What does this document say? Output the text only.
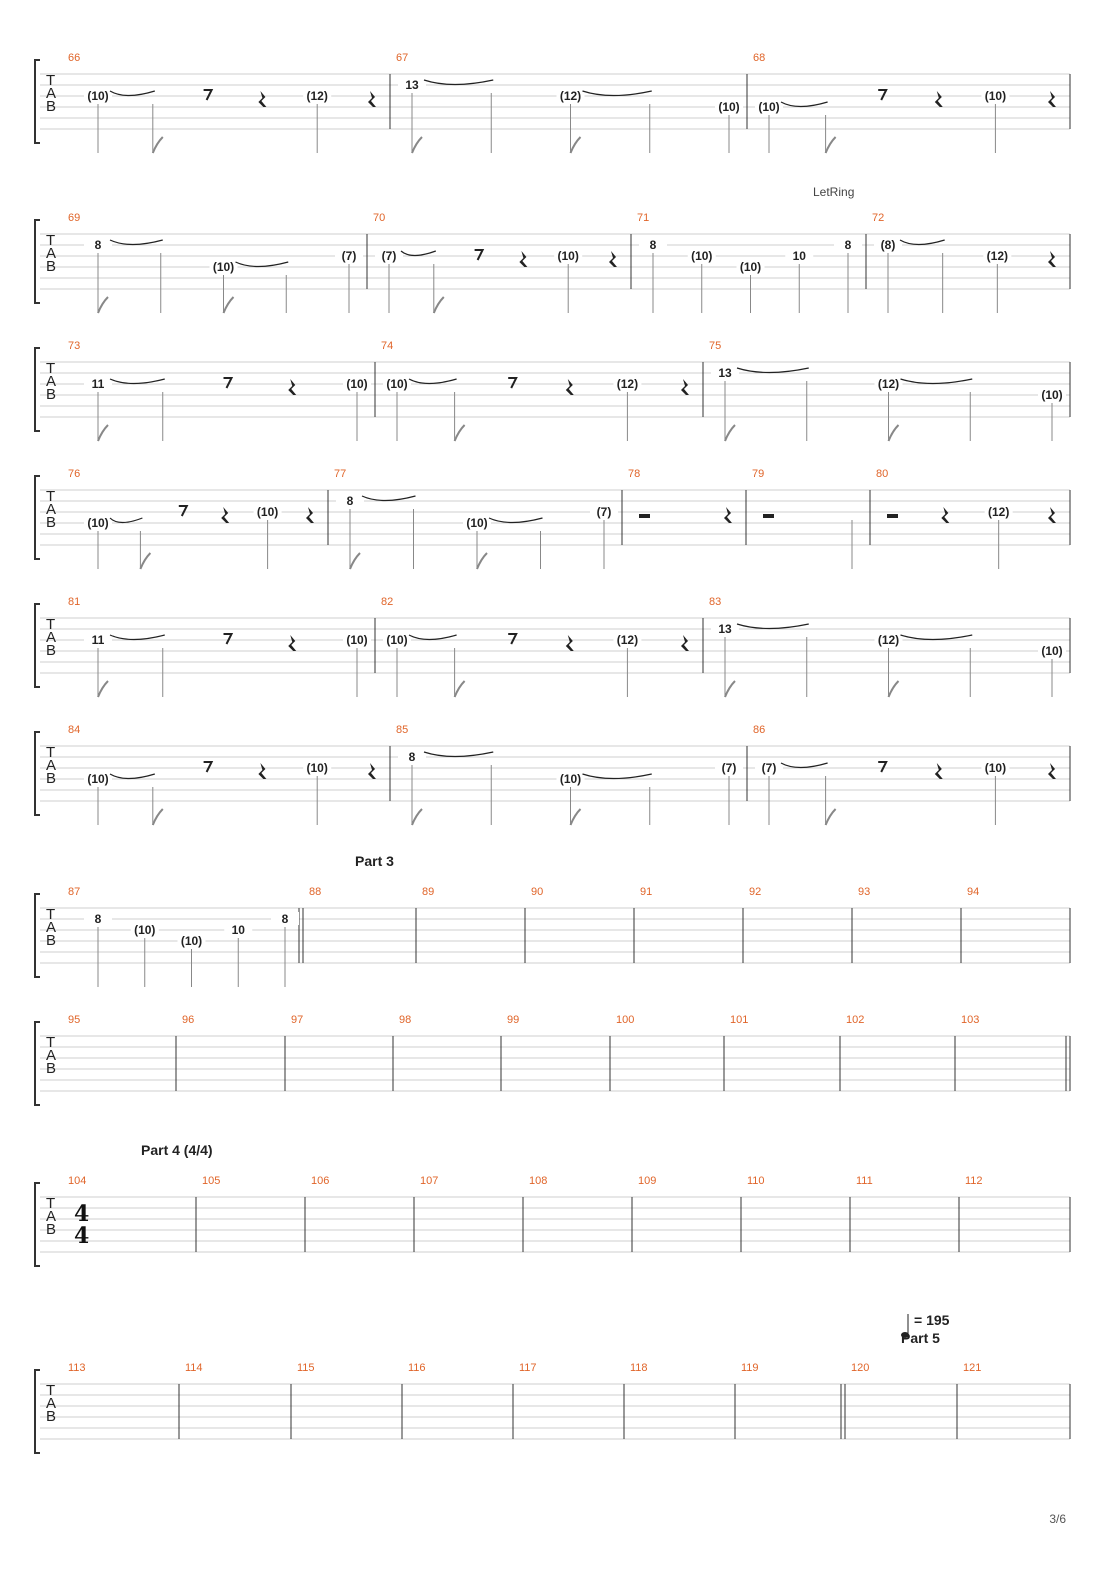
T
A
B
66
(10)	(12)
67
13
(12)
(10)
68
(10)
(10)
T
A
B
LetRing
69
8
(10)
(7)
70
(7)	(10)
71
8
(10)
(10)
10
8
72
(8)
(12)
T
A
B
73
11	(10)
74
(10)	(12)
75
13
(12)
(10)
T
A
B
76
(10)
(10)
77
8
(10)
(7)
78	79	80
(12)
T
A
B
81
11	(10)
82
(10)	(12)
83
13
(12)
(10)
T
A
B
84
(10)
(10)
85
8
(10)
(7)
86
(7)	(10)
T
A
B
Part 3
87
8
(10)
(10)
10
8
88	89	90	91	92	93	94
T
A
B
95	96	97	98	99	100	101	102	103
T
A
B
4
4
Part 4 (4/4)
104	105	106	107	108	109	110	111	112
T
A
B
= 195
Part 5
113	114	115	116	117	118	119	120	121
3/6
